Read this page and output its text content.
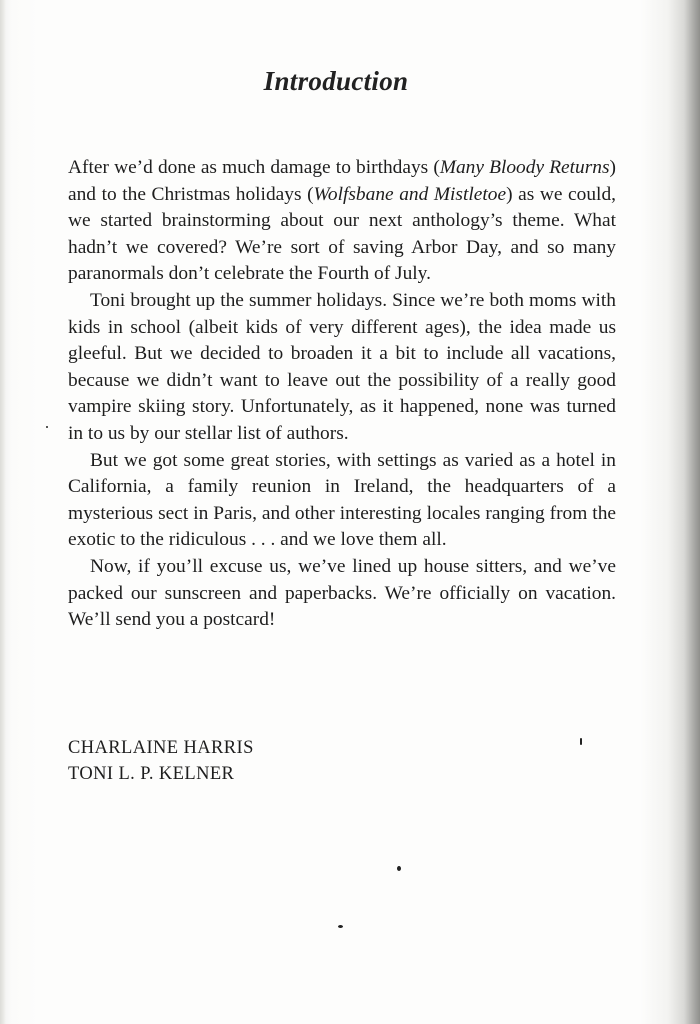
Introduction

After we’d done as much damage to birthdays (Many Bloody Returns) and to the Christmas holidays (Wolfsbane and Mistletoe) as we could, we started brainstorming about our next anthology’s theme. What hadn’t we covered? We’re sort of saving Arbor Day, and so many paranormals don’t celebrate the Fourth of July.

Toni brought up the summer holidays. Since we’re both moms with kids in school (albeit kids of very different ages), the idea made us gleeful. But we decided to broaden it a bit to include all vacations, because we didn’t want to leave out the possibility of a really good vampire skiing story. Unfortunately, as it happened, none was turned in to us by our stellar list of authors.

But we got some great stories, with settings as varied as a hotel in California, a family reunion in Ireland, the headquarters of a mysterious sect in Paris, and other interesting locales ranging from the exotic to the ridiculous . . . and we love them all.

Now, if you’ll excuse us, we’ve lined up house sitters, and we’ve packed our sunscreen and paperbacks. We’re officially on vacation. We’ll send you a postcard!

CHARLAINE HARRIS
TONI L. P. KELNER
